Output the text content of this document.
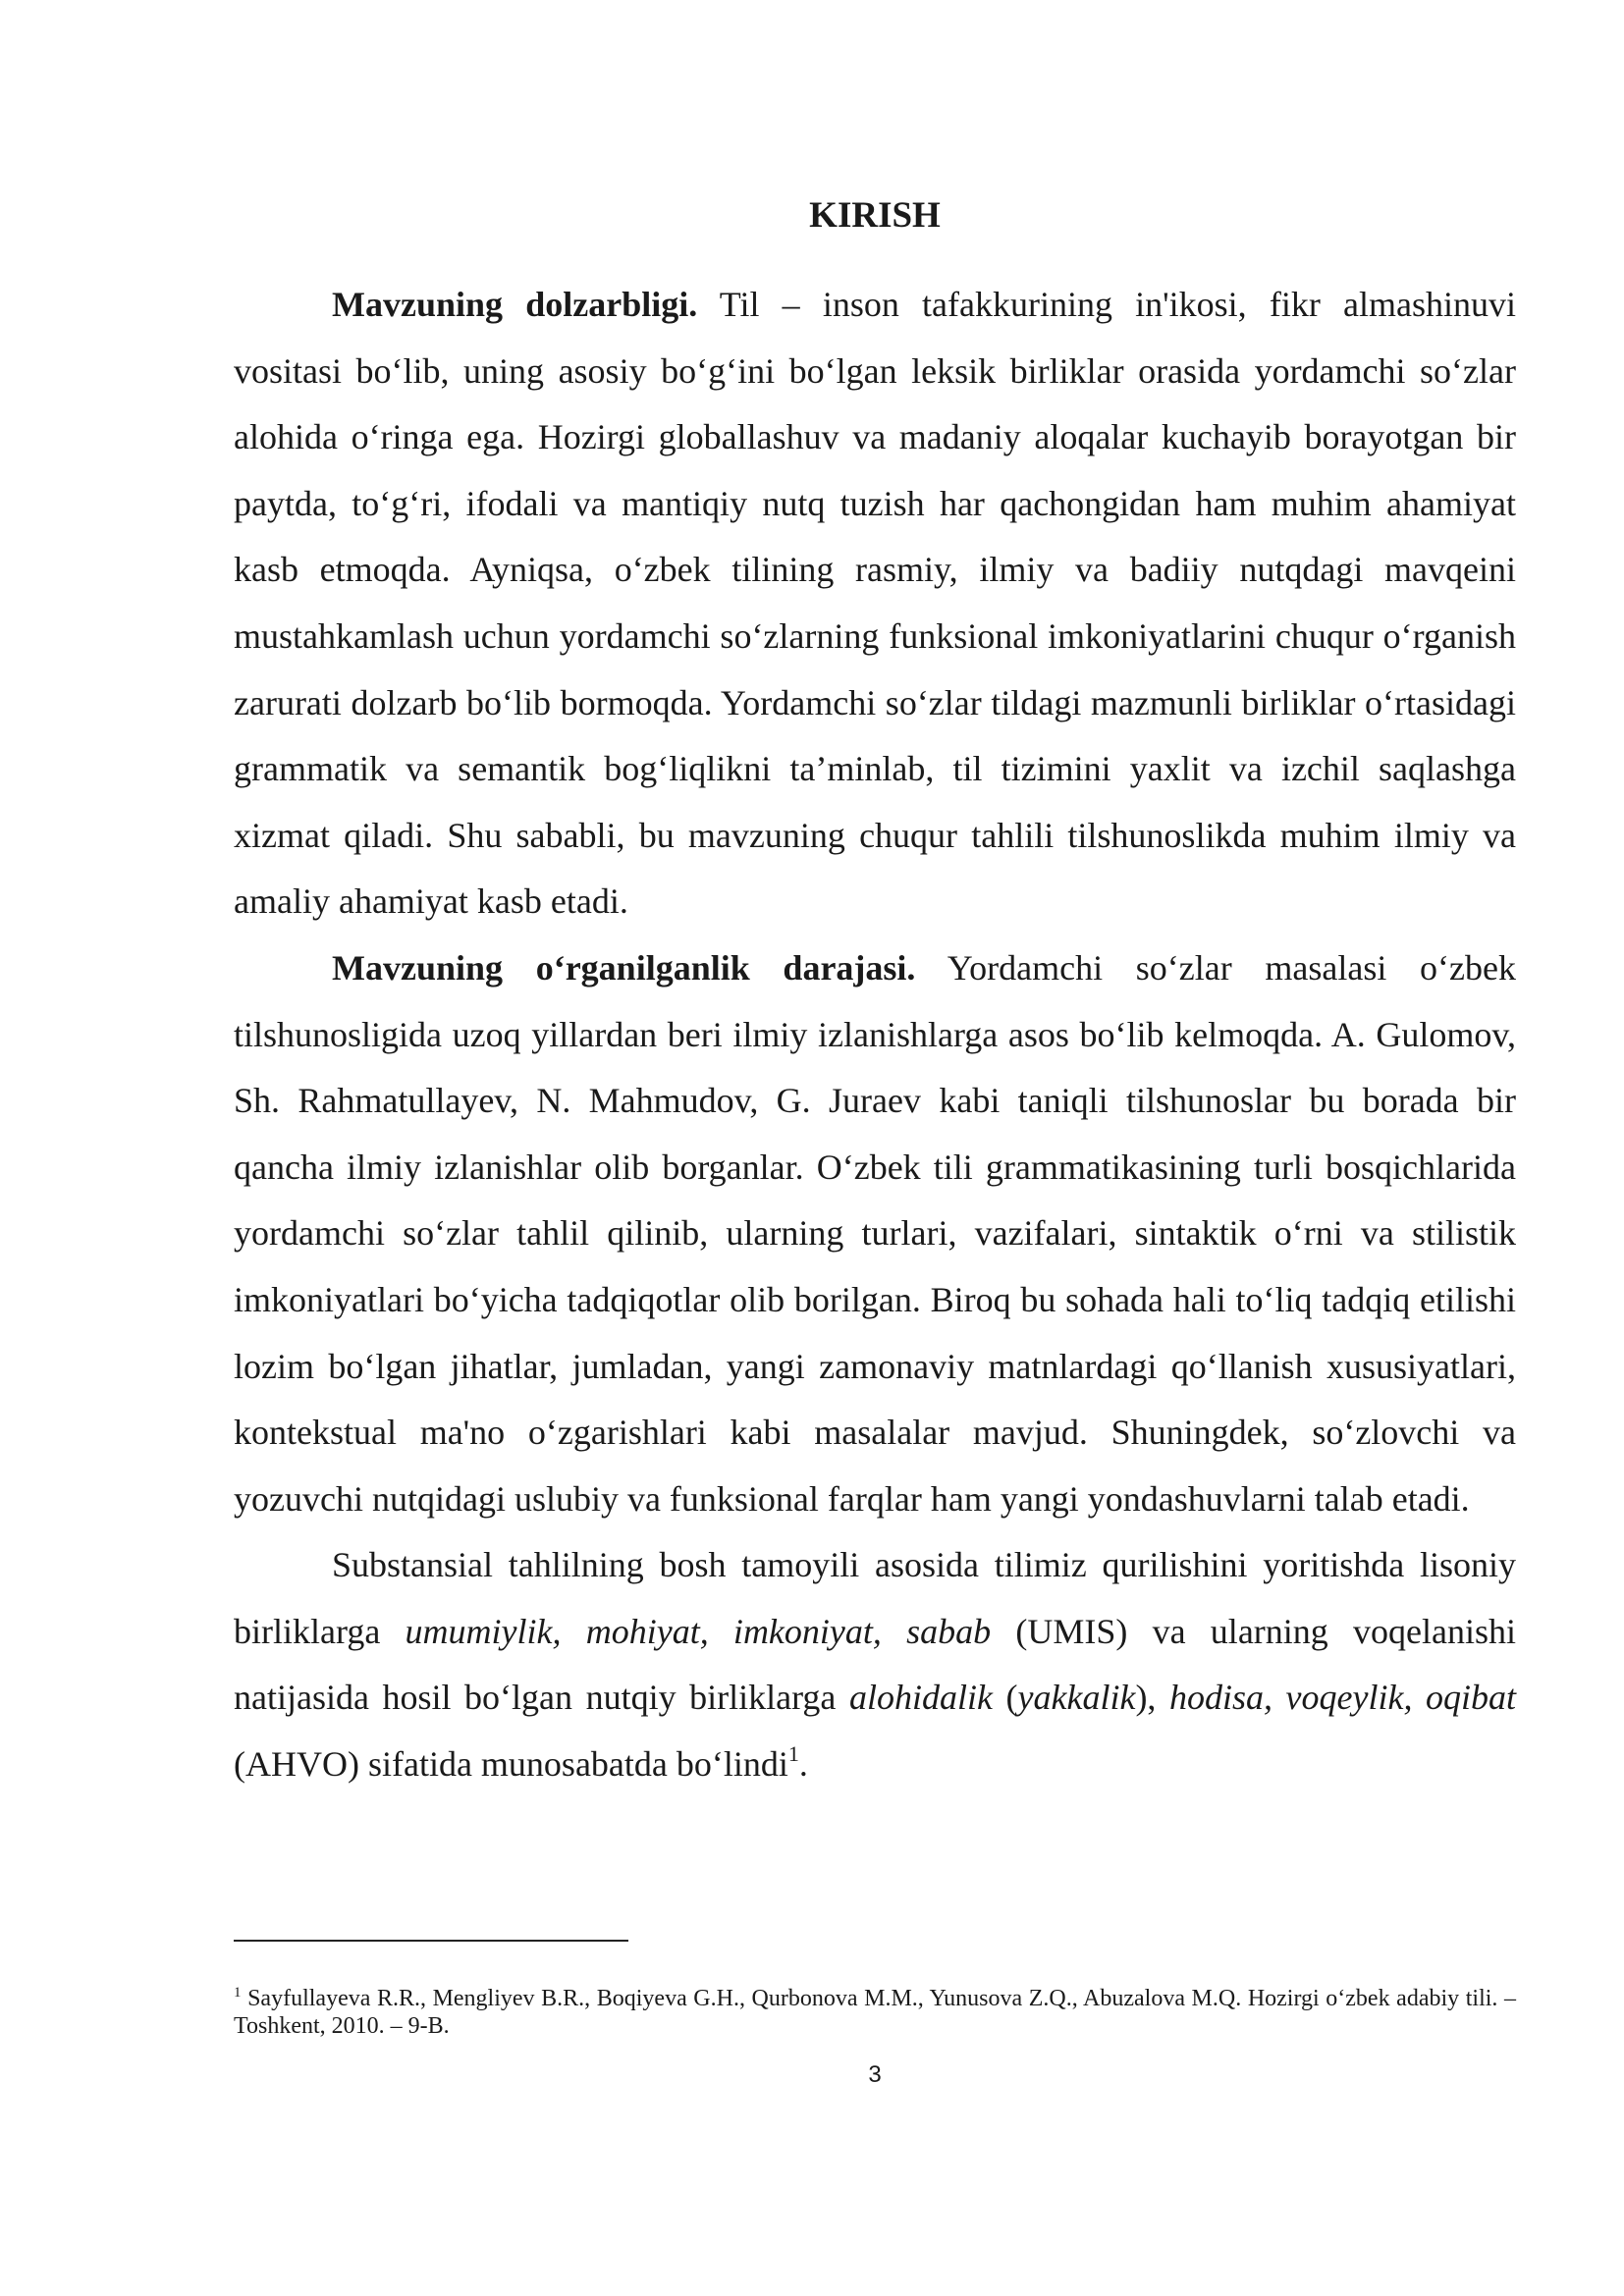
KIRISH

Mavzuning dolzarbligi. Til – inson tafakkurining in'ikosi, fikr almashinuvi vositasi bo‘lib, uning asosiy bo‘g‘ini bo‘lgan leksik birliklar orasida yordamchi so‘zlar alohida o‘ringa ega. Hozirgi globallashuv va madaniy aloqalar kuchayib borayotgan bir paytda, to‘g‘ri, ifodali va mantiqiy nutq tuzish har qachongidan ham muhim ahamiyat kasb etmoqda. Ayniqsa, o‘zbek tilining rasmiy, ilmiy va badiiy nutqdagi mavqeini mustahkamlash uchun yordamchi so‘zlarning funksional imkoniyatlarini chuqur o‘rganish zarurati dolzarb bo‘lib bormoqda. Yordamchi so‘zlar tildagi mazmunli birliklar o‘rtasidagi grammatik va semantik bog‘liqlikni ta’minlab, til tizimini yaxlit va izchil saqlashga xizmat qiladi. Shu sababli, bu mavzuning chuqur tahlili tilshunoslikda muhim ilmiy va amaliy ahamiyat kasb etadi.

Mavzuning o‘rganilganlik darajasi. Yordamchi so‘zlar masalasi o‘zbek tilshunosligida uzoq yillardan beri ilmiy izlanishlarga asos bo‘lib kelmoqda. A. Gulomov, Sh. Rahmatullayev, N. Mahmudov, G. Juraev kabi taniqli tilshunoslar bu borada bir qancha ilmiy izlanishlar olib borganlar. O‘zbek tili grammatikasining turli bosqichlarida yordamchi so‘zlar tahlil qilinib, ularning turlari, vazifalari, sintaktik o‘rni va stilistik imkoniyatlari bo‘yicha tadqiqotlar olib borilgan. Biroq bu sohada hali to‘liq tadqiq etilishi lozim bo‘lgan jihatlar, jumladan, yangi zamonaviy matnlardagi qo‘llanish xususiyatlari, kontekstual ma'no o‘zgarishlari kabi masalalar mavjud. Shuningdek, so‘zlovchi va yozuvchi nutqidagi uslubiy va funksional farqlar ham yangi yondashuvlarni talab etadi.

Substansial tahlilning bosh tamoyili asosida tilimiz qurilishini yoritishda lisoniy birliklarga umumiylik, mohiyat, imkoniyat, sabab (UMIS) va ularning voqelanishi natijasida hosil bo‘lgan nutqiy birliklarga alohidalik (yakkalik), hodisa, voqeylik, oqibat (AHVO) sifatida munosabatda bo‘lindi$^1$.

$^1$ Sayfullayeva R.R., Mengliyev B.R., Boqiyeva G.H., Qurbonova M.M., Yunusova Z.Q., Abuzalova M.Q. Hozirgi o‘zbek adabiy tili. – Toshkent, 2010. – 9-B.

3
